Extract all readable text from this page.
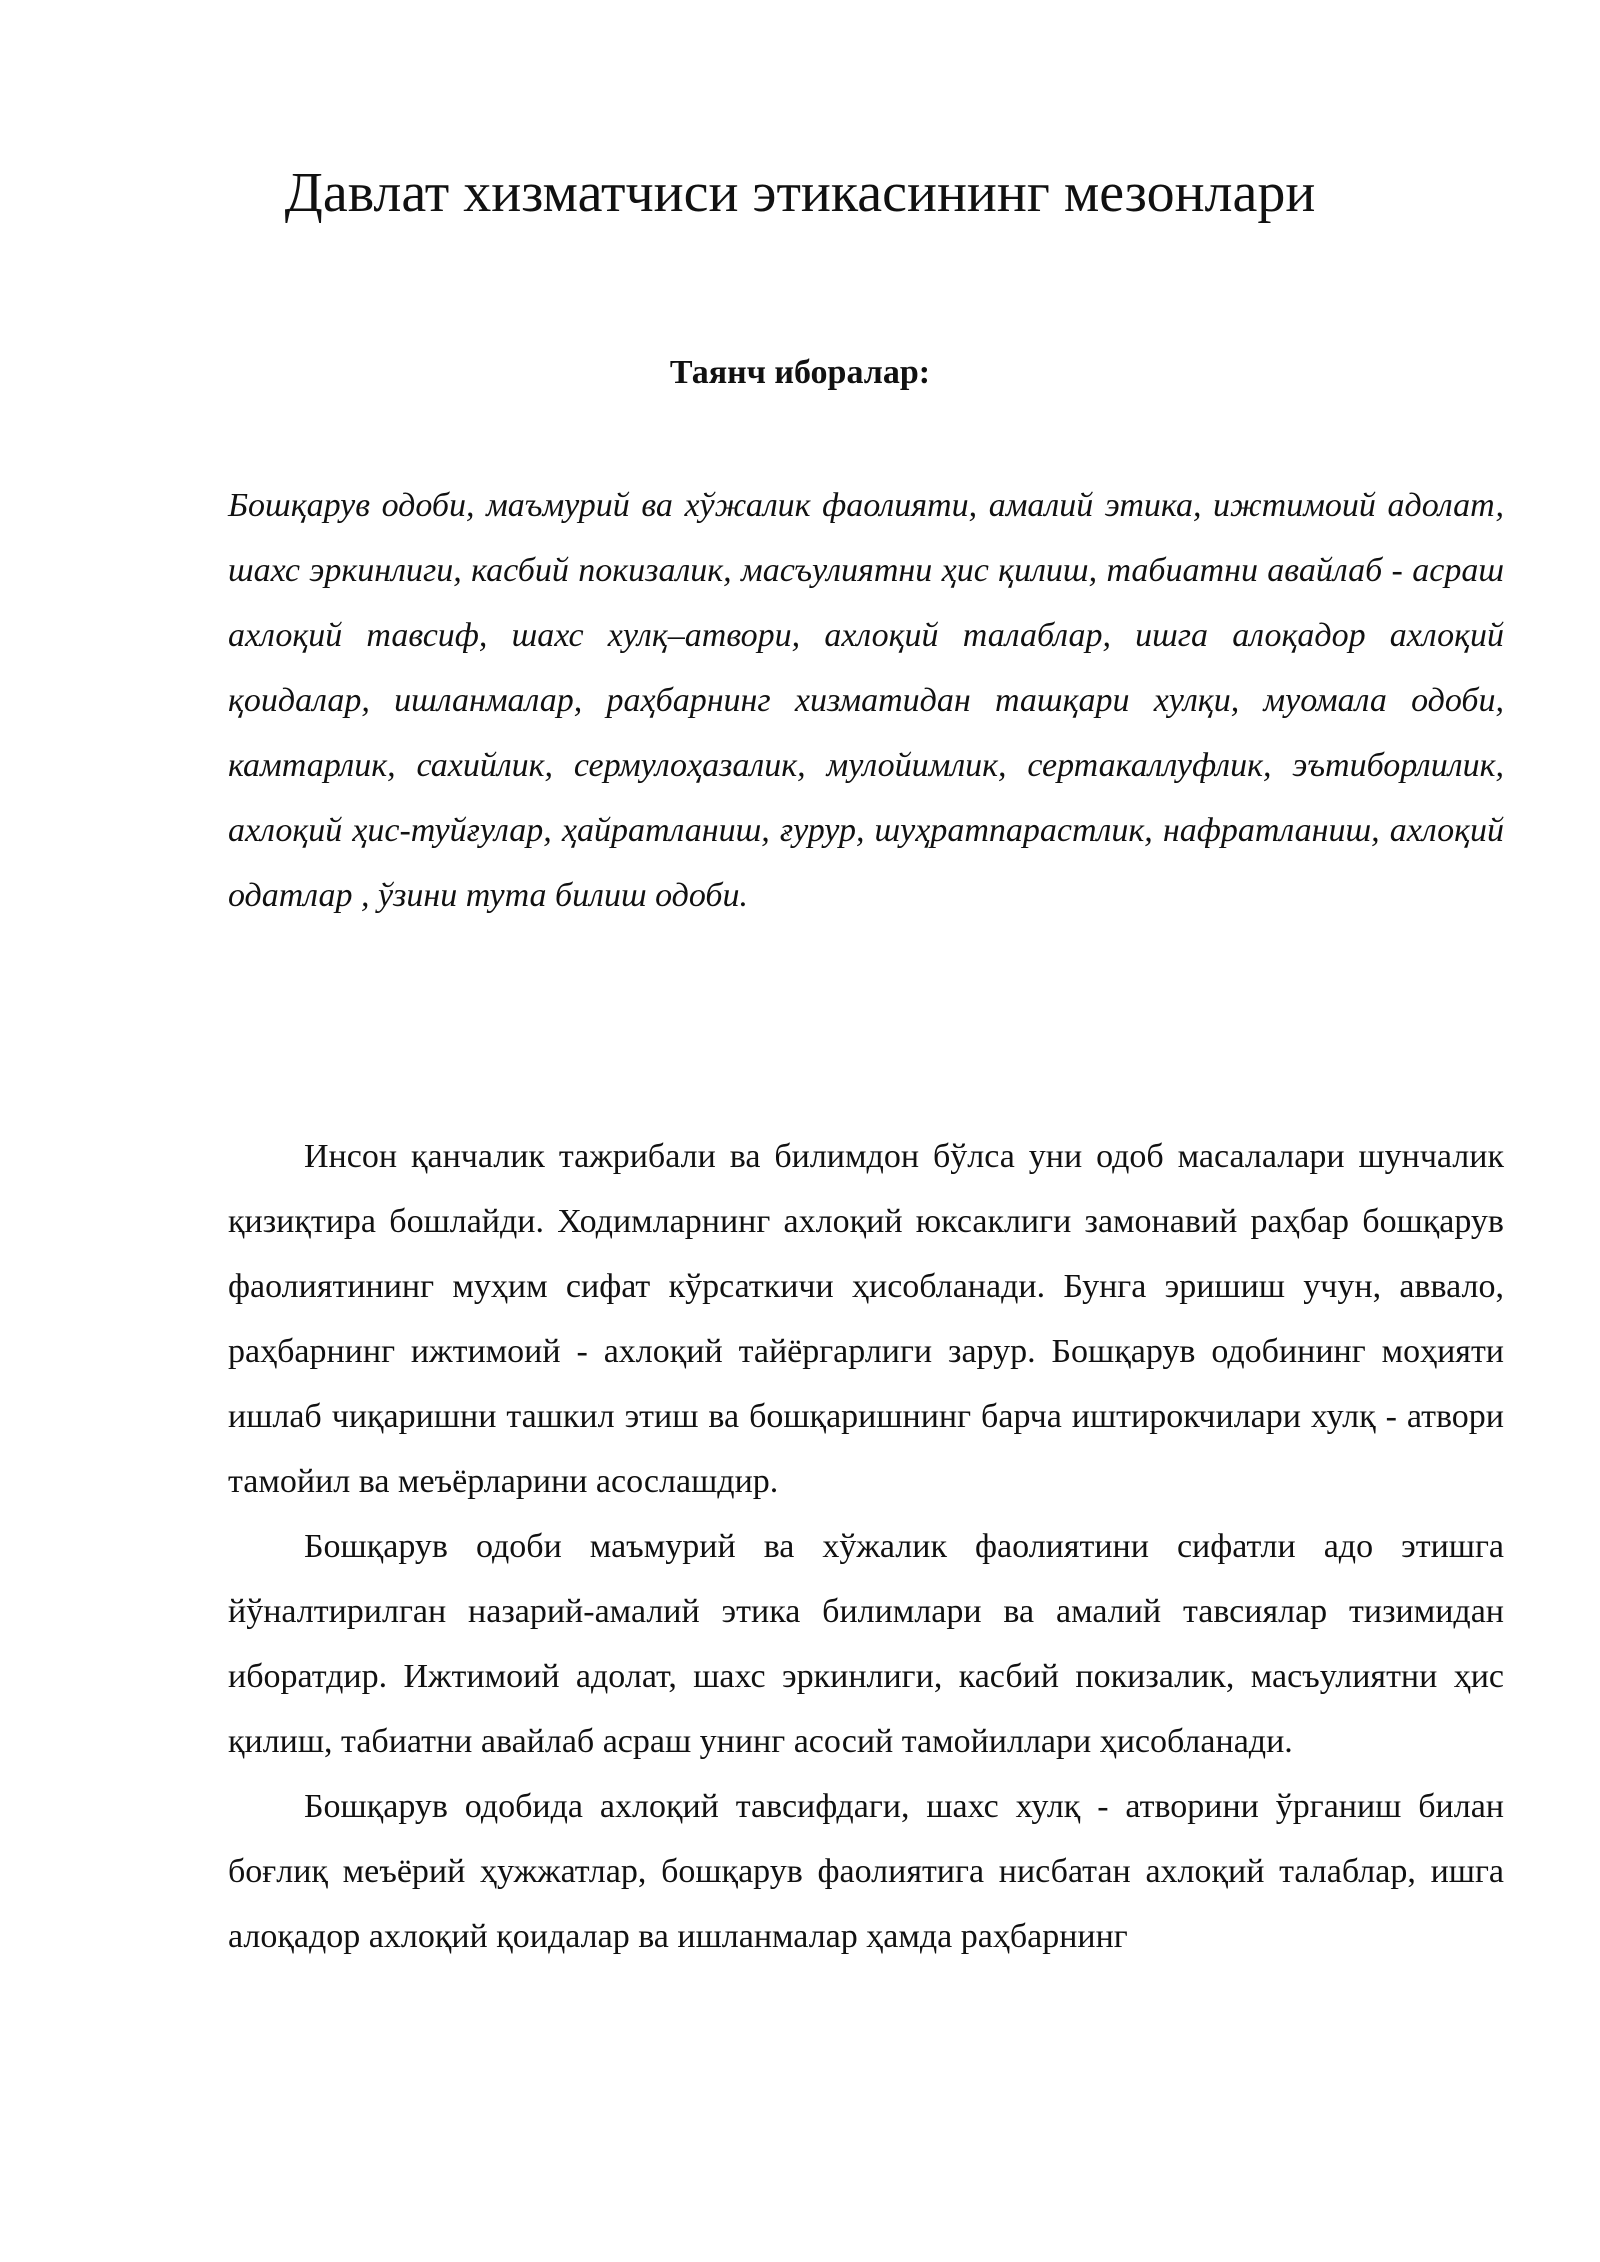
Давлат хизматчиси этикасининг мезонлари
Таянч иборалар:

Бошқарув одоби, маъмурий ва хўжалик фаолияти, амалий этика, ижтимоий адолат, шахс эркинлиги, касбий покизалик, масъулиятни ҳис қилиш, табиатни авайлаб - асраш ахлоқий тавсиф, шахс хулқ–атвори, ахлоқий талаблар, ишга алоқадор ахлоқий қоидалар, ишланмалар, раҳбарнинг хизматидан ташқари хулқи, муомала одоби, камтарлик, сахийлик, сермулоҳазалик, мулойимлик, сертакаллуфлик, эътиборлилик, ахлоқий ҳис-туйғулар, ҳайратланиш, ғурур, шуҳратпарастлик, нафратланиш, ахлоқий одатлар , ўзини тута билиш одоби.

Инсон қанчалик тажрибали ва билимдон бўлса уни одоб масалалари шунчалик қизиқтира бошлайди. Ходимларнинг ахлоқий юксаклиги замонавий раҳбар бошқарув фаолиятининг муҳим сифат кўрсаткичи ҳисобланади. Бунга эришиш учун, аввало, раҳбарнинг ижтимоий - ахлоқий тайёргарлиги зарур. Бошқарув одобининг моҳияти ишлаб чиқаришни ташкил этиш ва бошқаришнинг барча иштирокчилари хулқ - атвори тамойил ва меъёрларини асослашдир.

Бошқарув одоби маъмурий ва хўжалик фаолиятини сифатли адо этишга йўналтирилган назарий-амалий этика билимлари ва амалий тавсиялар тизимидан иборатдир. Ижтимоий адолат, шахс эркинлиги, касбий покизалик, масъулиятни ҳис қилиш, табиатни авайлаб асраш унинг асосий тамойиллари ҳисобланади.

Бошқарув одобида ахлоқий тавсифдаги, шахс хулқ - атворини ўрганиш билан боғлиқ меъёрий ҳужжатлар, бошқарув фаолиятига нисбатан ахлоқий талаблар, ишга алоқадор ахлоқий қоидалар ва ишланмалар ҳамда раҳбарнинг
